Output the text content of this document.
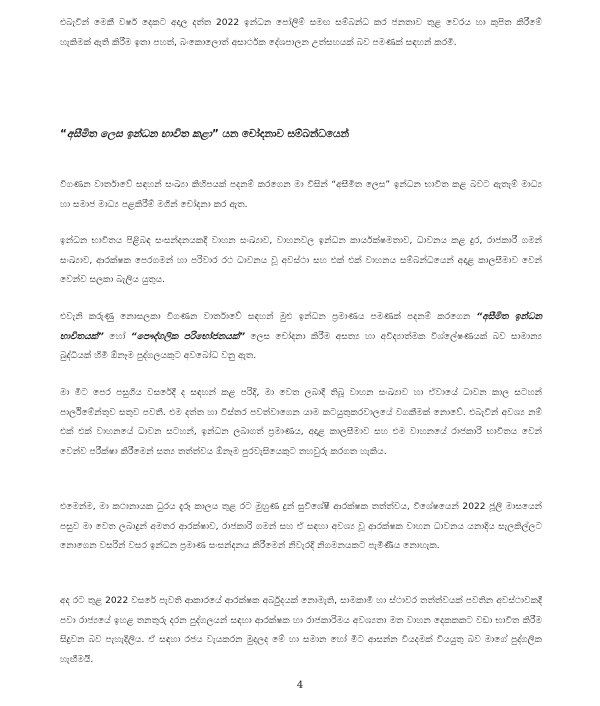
එබැවින් මෙකී වර්ෂ දෙකට අදාල දත්ත 2022 ඉන්ධන පෝලිම් සමඟ සම්බන්ධ කර ජනතාව තුළ වෙරය හා කුපිත කිරීමේ හැකිමක් ඇති කිරීම ඉතා පහත්, බංකොලොත් අසාර්ථක දේශපාලන උත්සහයක් බව පමණක් සඳහන් කරමි.

“අසීමිත ලෙස ඉන්ධන භාවිත කළා” යන චෝදනාව සම්බන්ධයෙන්

විගණන වාර්තාවේ සඳහන් සංඛ්‍යා කිහිපයක් පදනම් කරගෙන මා විසින් “අසීමිත ලෙස” ඉන්ධන භාවිත කළ බවට ඇතැම් මාධ්‍ය හා සමාජ මාධ්‍ය පළකිරීම් මගින් චෝදනා කර ඇත.

ඉන්ධන භාවිතය පිළිබඳ සංසන්දනයකදී වාහන සංඛ්‍යාව, වාහනවල ඉන්ධන කාර්යක්ෂමතාව, ධාවනය කළ දුර, රාජකාරී ගමන් සංඛ්‍යාව, ආරක්ෂක පෙරගමන් හා පරිවාර රථ ධාවනය වූ අවස්ථා සහ එක් එක් වාහනය සම්බන්ධයෙන් අදාළ කාලසීමාව වෙන් වෙන්ව සලකා බැලිය යුතුය.

එවැනි කරුණු නොසලකා විගණන වාර්තාවේ සඳහන් මුළු ඉන්ධන ප්‍රමාණය පමණක් පදනම් කරගෙන “අසීමිත ඉන්ධන භාවිතයක්” හෝ “පෞද්ගලික පරිභෝජනයක්” ලෙස චෝදනා කිරීම අසත්‍ය හා අවිද්‍යාත්මක විශ්ලේෂණයක් බව සාමාන්‍ය බුද්ධියක් හිමි ඕනෑම පුද්ගලයකුට අවබෝධ වනු ඇත.

මා මීට පෙර පසුගිය වසරේදී ද සඳහන් කළ පරිදි, මා වෙත ලබාදී තිබූ වාහන සංඛ්‍යාව හා ඒවායේ ධාවන කාල සටහන් පාර්ලිමේන්තුව සතුව පවතී. එම දත්ත හා විස්තර පවත්වාගෙන යාම කටයුතුකරවාලයේ වගකීමක් නොවේ. එබැවින් අවශ්‍ය නම් එක් එක් වාහනයේ ධාවන සටහන්, ඉන්ධන ලබාගත් ප්‍රමාණය, අදාළ කාලසීමාව සහ එම වාහනයේ රාජකාරි භාවිතය වෙන් වෙන්ව පරීක්ෂා කිරීමෙන් සත්‍ය තත්ත්වය ඕනෑම පුරවැසියෙකුට තහවුරු කරගත හැකිය.

එමෙන්ම, මා කථානායක ධුරය දැරූ කාලය තුළ රට මුහුණ දුන් සුවිශේෂී ආරක්ෂක තත්ත්වය, විශේෂයෙන් 2022 ජූලි මාසයෙන් පසුව මා වෙත ලබාදුන් අමතර ආරක්ෂාව, රාජකාරි ගමන් සහ ඒ සඳහා අවශ්‍ය වූ ආරක්ෂක වාහන ධාවනය යනාදිය සැලකිල්ලට නොගෙන වසරින් වසර ඉන්ධන ප්‍රමාණ සංසන්දනය කිරීමෙන් නිවැරදි නිගමනයකට පැමිණිය නොහැක.

අද රට තුළ 2022 වසරේ පැවති ආකාරයේ ආරක්ෂක අර්බුදයක් නොමැති, සාමකාමී හා ස්ථාවර තත්ත්වයක් පවතින අවස්ථාවකදී පවා රාජ්‍යයේ ඉහළ තනතුරු දරන පුද්ගලයන් සඳහා ආරක්ෂක හා රාජකාරිමය අවශ්‍යතා මත වාහන දෙකකකට වඩා භාවිත කිරීම සිදුවන බව පැහැදිලිය. ඒ සඳහා රජය වැයකරන මුදලද මේ හා සමාන හෝ මීට ආසන්න වියදමක් වියයුතු බව මාගේ පුද්ගලික හැඟීමයි.

4
